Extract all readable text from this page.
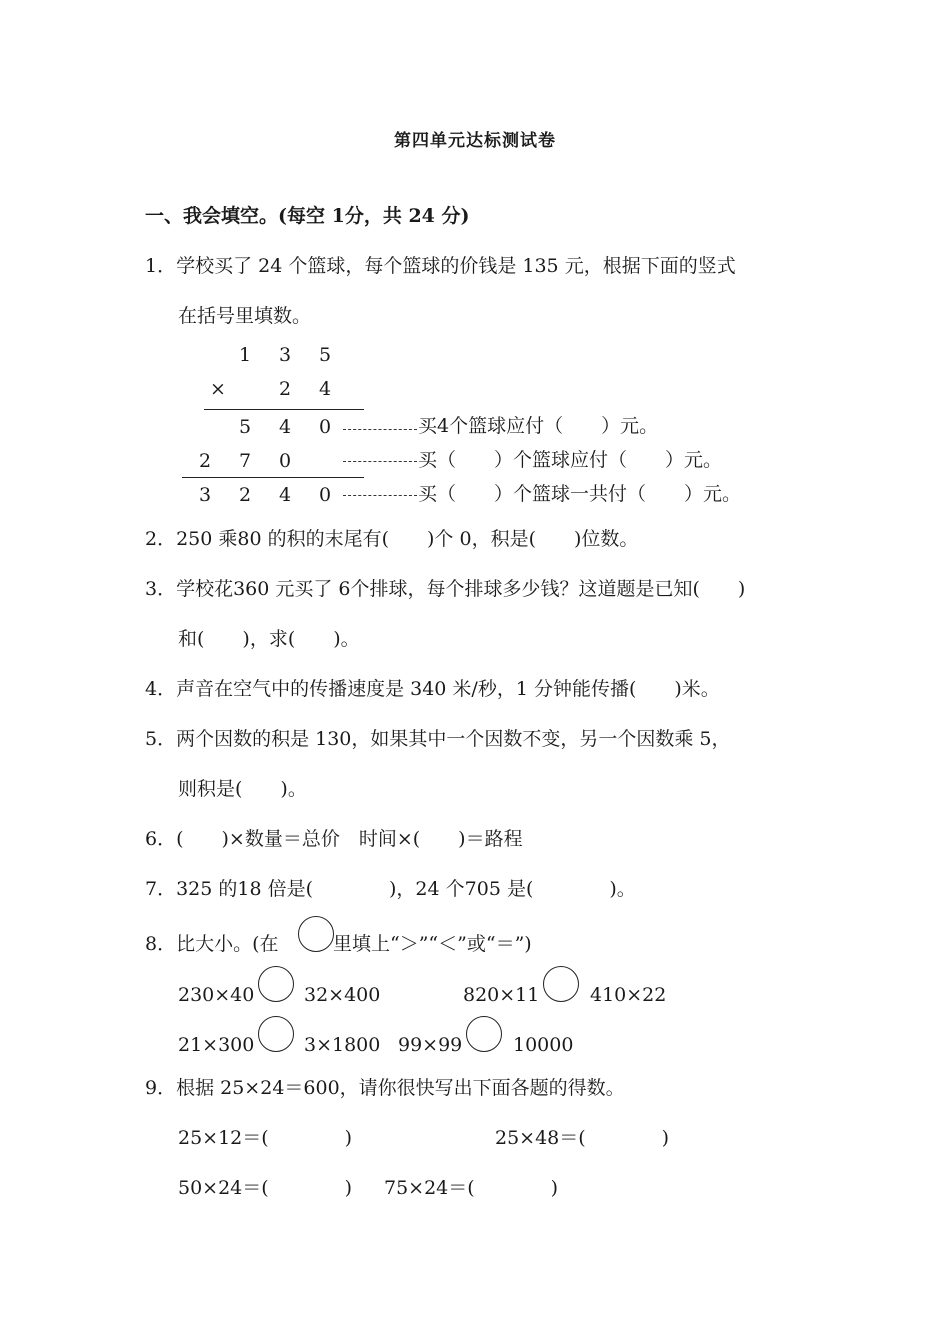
第四单元达标测试卷
一、我会填空。(每空 1分，共 24 分)
1．学校买了 24 个篮球，每个篮球的价钱是 135 元，根据下面的竖式
在括号里填数。
1 3 5
×	2 4
5 4 0
2 7 0
3 2 4 0
买4个篮球应付（　　）元。
买（　　）个篮球应付（　　）元。
买（　　）个篮球一共付（　　）元。
2．250 乘80 的积的末尾有(　　)个 0，积是(　　)位数。
3．学校花360 元买了 6个排球，每个排球多少钱？这道题是已知(　　)
和(　　)，求(　　)。
4．声音在空气中的传播速度是 340 米/秒，1 分钟能传播(　　)米。
5．两个因数的积是 130，如果其中一个因数不变，另一个因数乘 5，
则积是(　　)。
6．(　　)×数量＝总价　时间×(　　)＝路程
7．325 的18 倍是(　　　　)，24 个705 是(　　　　)。
8．比大小。(在	里填上“＞”“＜”或“＝”)
230×40	32×400	820×11	410×22
21×300	3×1800 99×99	10000
9．根据 25×24＝600，请你很快写出下面各题的得数。
25×12＝(　　　　)	25×48＝(　　　　)
50×24＝(　　　　) 75×24＝(　　　　)
